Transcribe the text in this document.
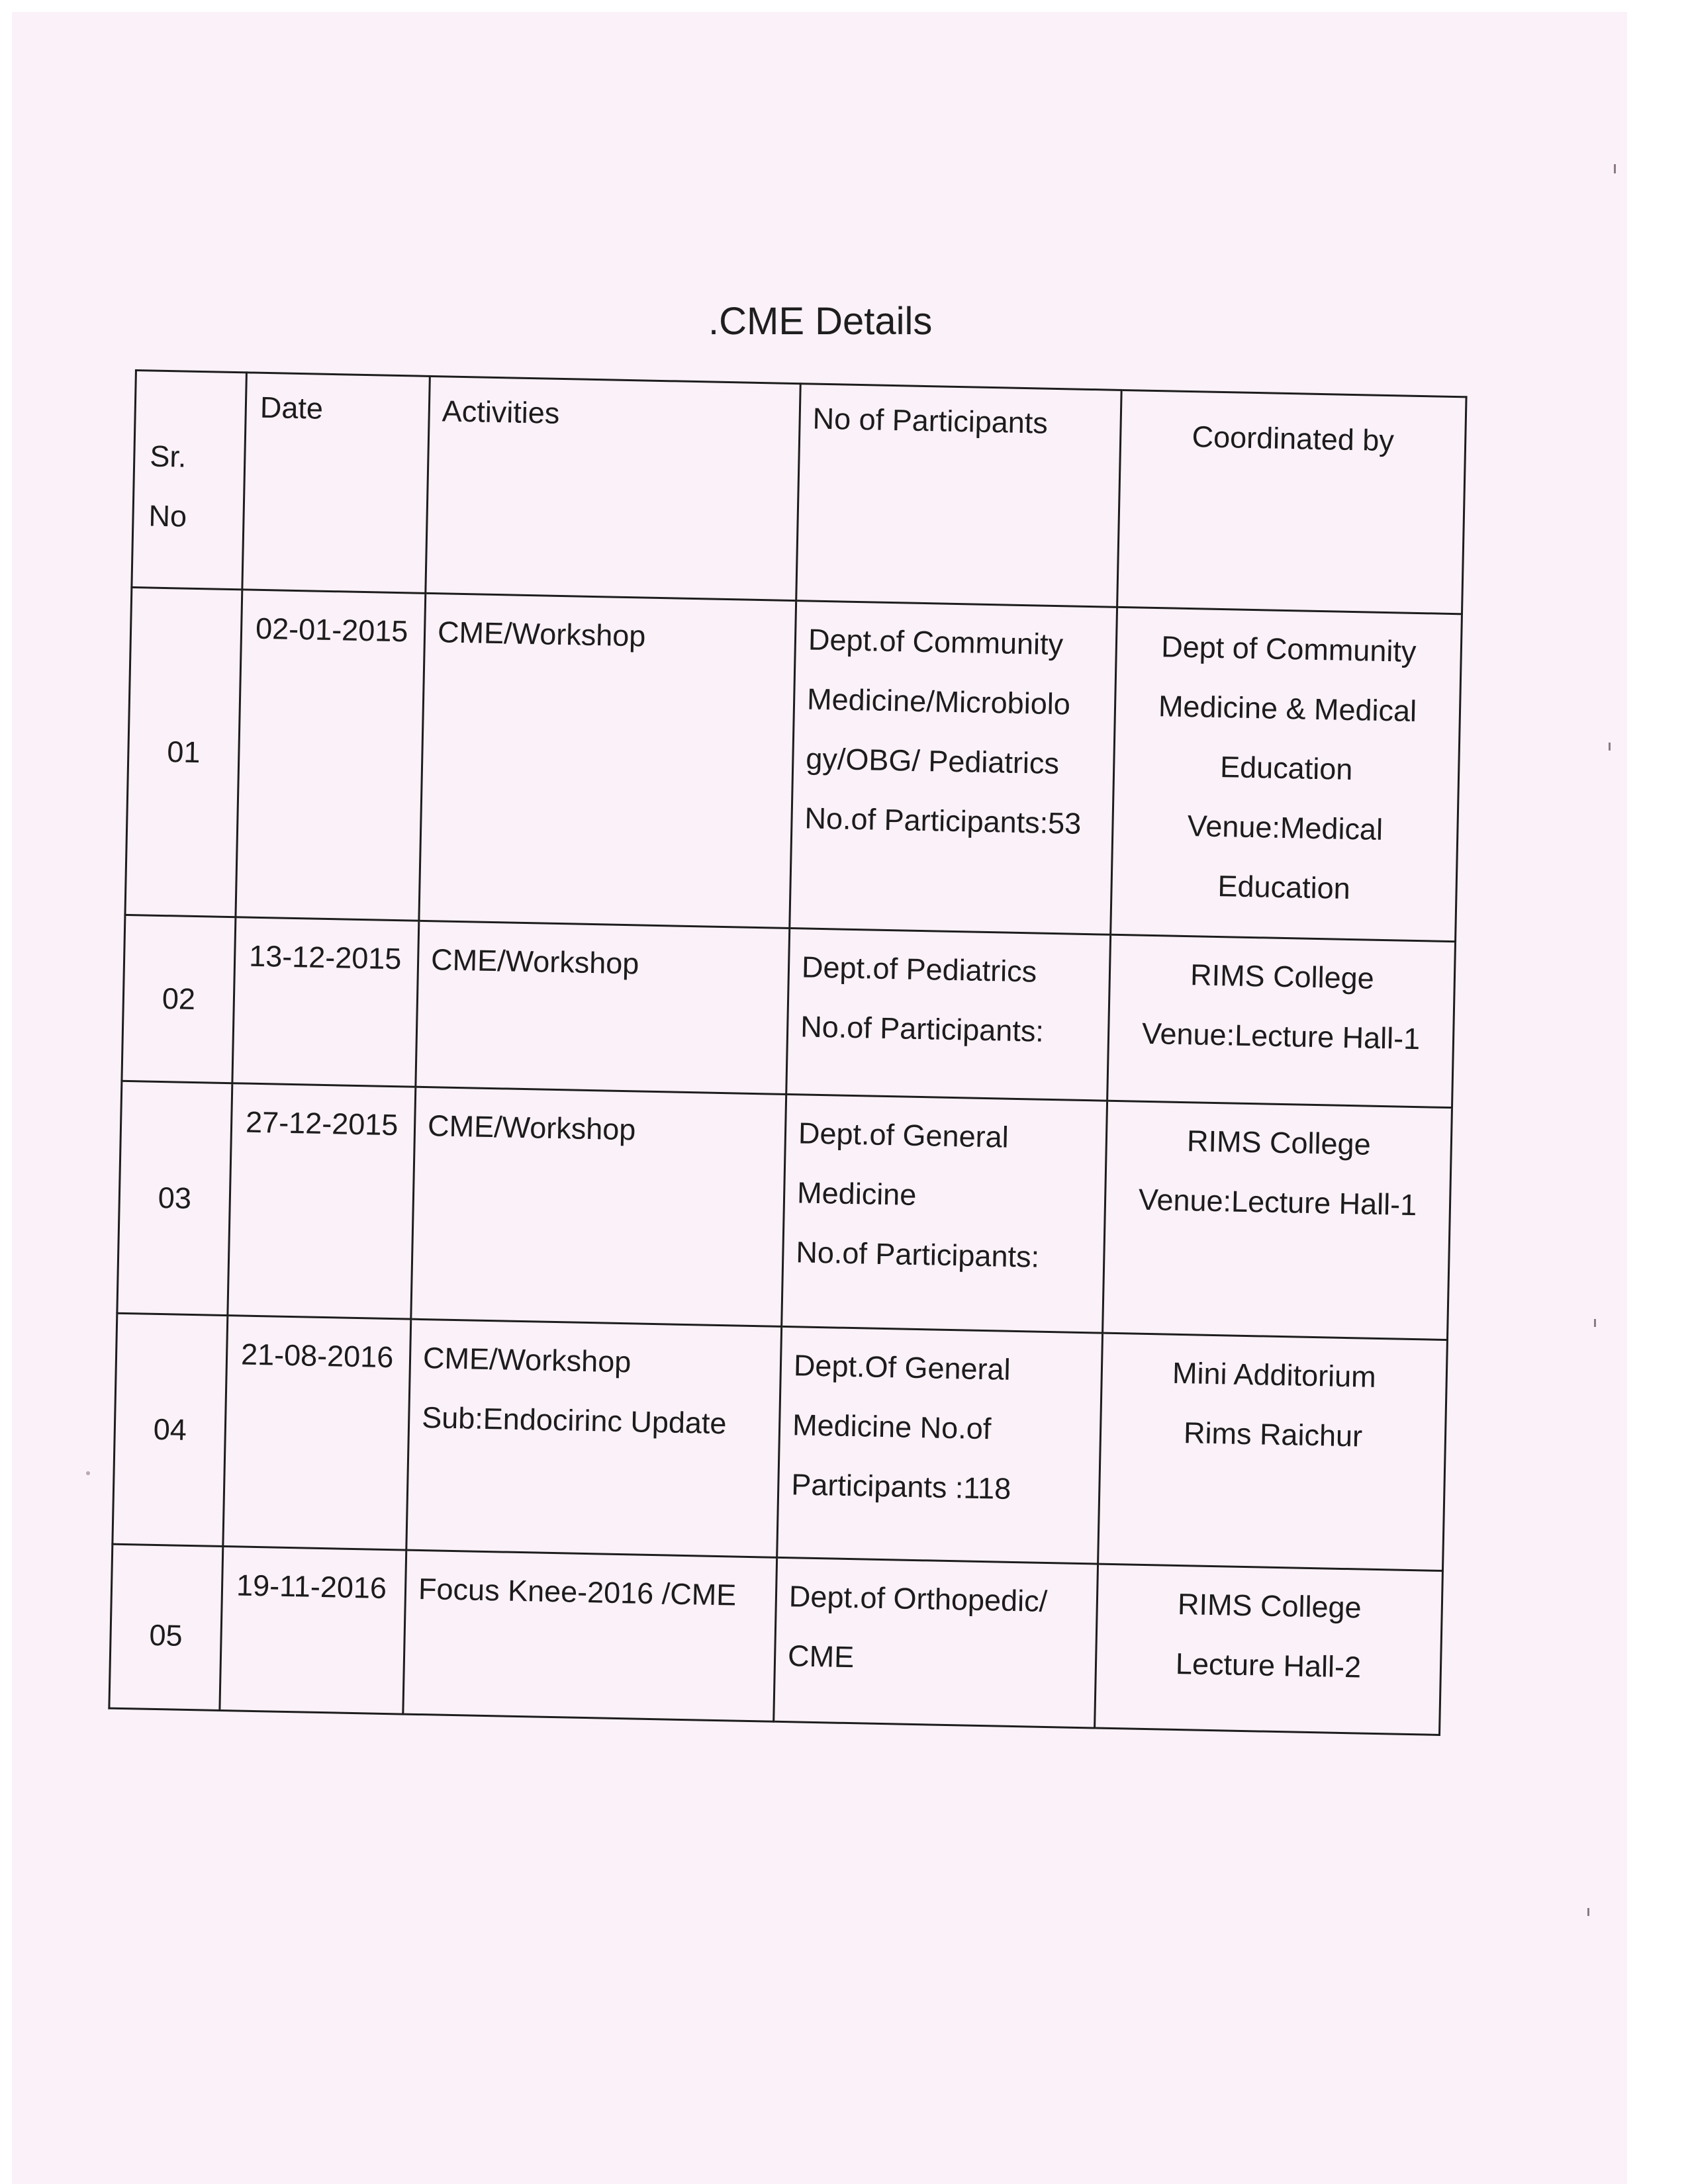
.CME Details
Sr. No	Date	Activities	No of Participants	Coordinated by
01	02-01-2015	CME/Workshop	Dept.of Community
Medicine/Microbiolo
gy/OBG/ Pediatrics
No.of Participants:53	Dept of Community
Medicine & Medical
Education
Venue:Medical
Education

02	13-12-2015	CME/Workshop	Dept.of Pediatrics
No.of Participants:	RIMS College
Venue:Lecture Hall-1

03	27-12-2015	CME/Workshop	Dept.of General
Medicine
No.of Participants:	RIMS College
Venue:Lecture Hall-1

04	21-08-2016	CME/Workshop
Sub:Endocirinc Update	Dept.Of General
Medicine No.of
Participants :118	Mini Additorium
Rims Raichur

05	19-11-2016	Focus Knee-2016 /CME	Dept.of Orthopedic/
CME	RIMS College
Lecture Hall-2
